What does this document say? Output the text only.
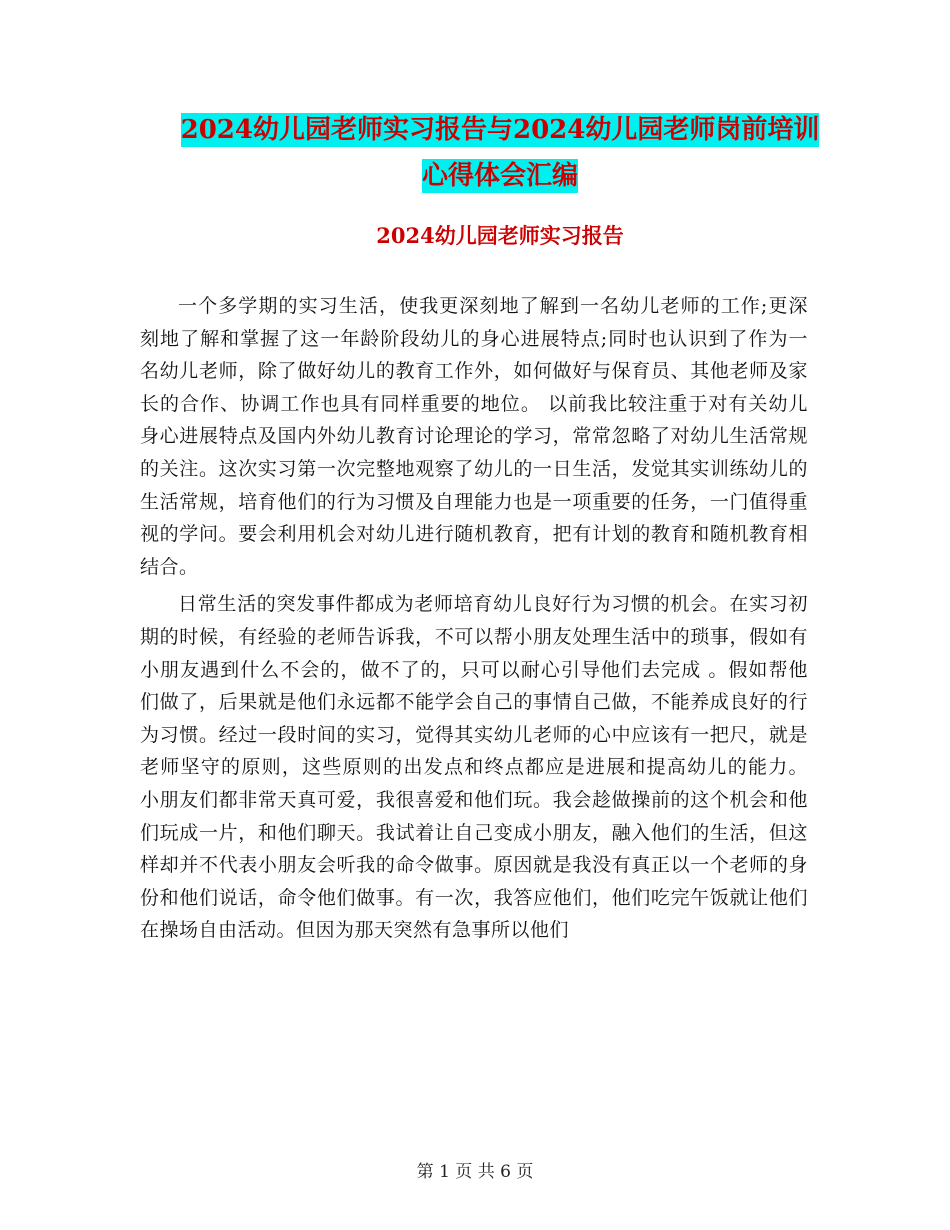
2024幼儿园老师实习报告与2024幼儿园老师岗前培训
心得体会汇编
2024幼儿园老师实习报告

一个多学期的实习生活，使我更深刻地了解到一名幼儿老师的工作;更深刻地了解和掌握了这一年龄阶段幼儿的身心进展特点;同时也认识到了作为一名幼儿老师，除了做好幼儿的教育工作外，如何做好与保育员、其他老师及家长的合作、协调工作也具有同样重要的地位。 以前我比较注重于对有关幼儿身心进展特点及国内外幼儿教育讨论理论的学习，常常忽略了对幼儿生活常规的关注。这次实习第一次完整地观察了幼儿的一日生活，发觉其实训练幼儿的生活常规，培育他们的行为习惯及自理能力也是一项重要的任务，一门值得重视的学问。要会利用机会对幼儿进行随机教育，把有计划的教育和随机教育相结合。

日常生活的突发事件都成为老师培育幼儿良好行为习惯的机会。在实习初期的时候，有经验的老师告诉我，不可以帮小朋友处理生活中的琐事，假如有小朋友遇到什么不会的，做不了的，只可以耐心引导他们去完成 。假如帮他们做了，后果就是他们永远都不能学会自己的事情自己做，不能养成良好的行为习惯。经过一段时间的实习，觉得其实幼儿老师的心中应该有一把尺，就是老师坚守的原则，这些原则的出发点和终点都应是进展和提高幼儿的能力。 小朋友们都非常天真可爱，我很喜爱和他们玩。我会趁做操前的这个机会和他们玩成一片，和他们聊天。我试着让自己变成小朋友，融入他们的生活，但这样却并不代表小朋友会听我的命令做事。原因就是我没有真正以一个老师的身份和他们说话，命令他们做事。有一次，我答应他们，他们吃完午饭就让他们在操场自由活动。但因为那天突然有急事所以他们

第 1 页 共 6 页
